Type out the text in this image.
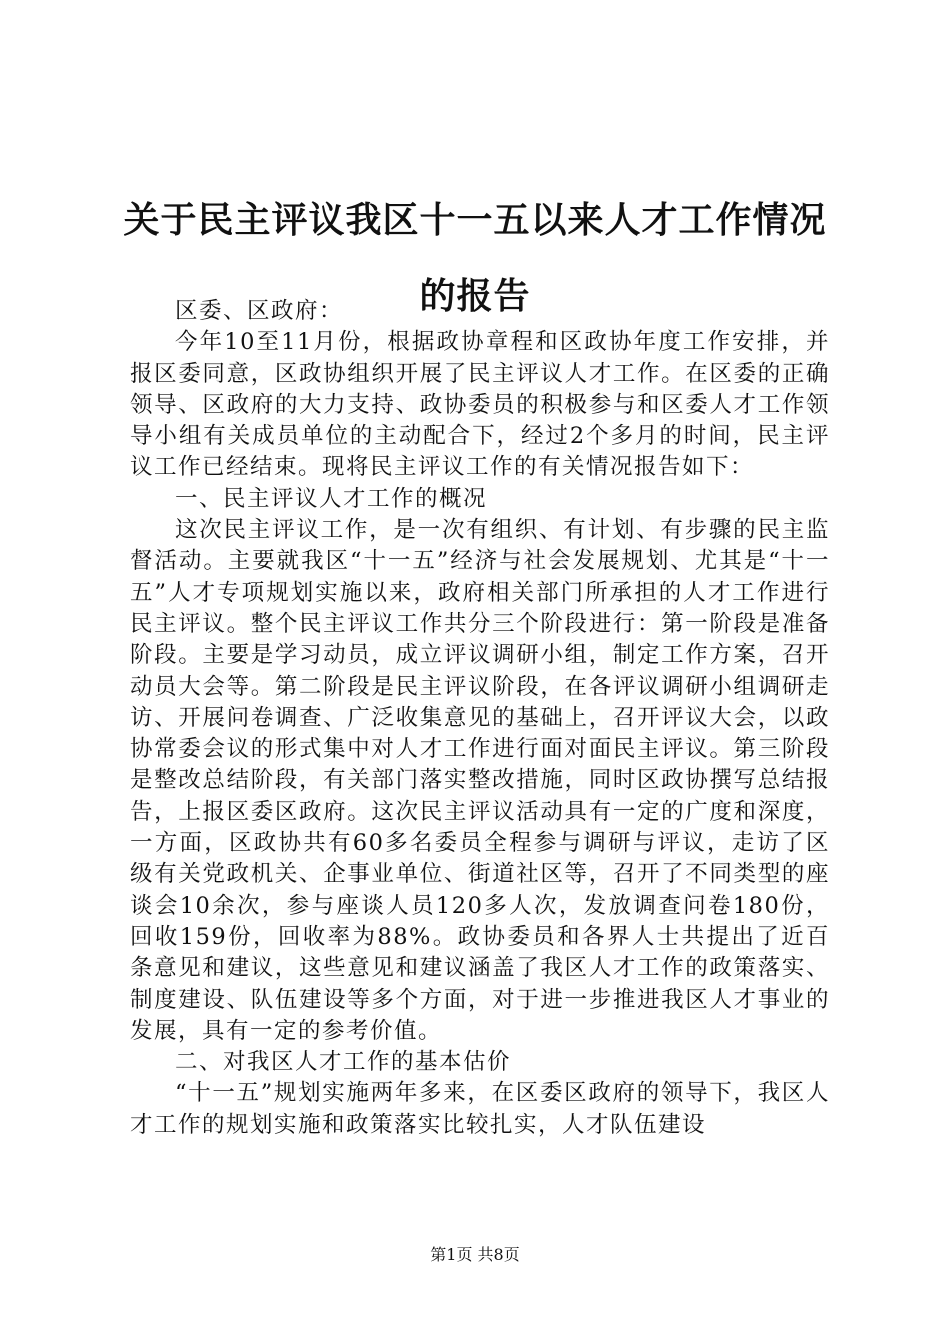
关于民主评议我区十一五以来人才工作情况的报告

区委、区政府：

今年10至11月份，根据政协章程和区政协年度工作安排，并报区委同意，区政协组织开展了民主评议人才工作。在区委的正确领导、区政府的大力支持、政协委员的积极参与和区委人才工作领导小组有关成员单位的主动配合下，经过2个多月的时间，民主评议工作已经结束。现将民主评议工作的有关情况报告如下：

一、民主评议人才工作的概况

这次民主评议工作，是一次有组织、有计划、有步骤的民主监督活动。主要就我区“十一五”经济与社会发展规划、尤其是“十一五”人才专项规划实施以来，政府相关部门所承担的人才工作进行民主评议。整个民主评议工作共分三个阶段进行：第一阶段是准备阶段。主要是学习动员，成立评议调研小组，制定工作方案，召开动员大会等。第二阶段是民主评议阶段，在各评议调研小组调研走访、开展问卷调查、广泛收集意见的基础上，召开评议大会，以政协常委会议的形式集中对人才工作进行面对面民主评议。第三阶段是整改总结阶段，有关部门落实整改措施，同时区政协撰写总结报告，上报区委区政府。这次民主评议活动具有一定的广度和深度，一方面，区政协共有60多名委员全程参与调研与评议，走访了区级有关党政机关、企事业单位、街道社区等，召开了不同类型的座谈会10余次，参与座谈人员120多人次，发放调查问卷180份，回收159份，回收率为88%。政协委员和各界人士共提出了近百条意见和建议，这些意见和建议涵盖了我区人才工作的政策落实、制度建设、队伍建设等多个方面，对于进一步推进我区人才事业的发展，具有一定的参考价值。

二、对我区人才工作的基本估价

“十一五”规划实施两年多来，在区委区政府的领导下，我区人才工作的规划实施和政策落实比较扎实，人才队伍建设

第1页 共8页
